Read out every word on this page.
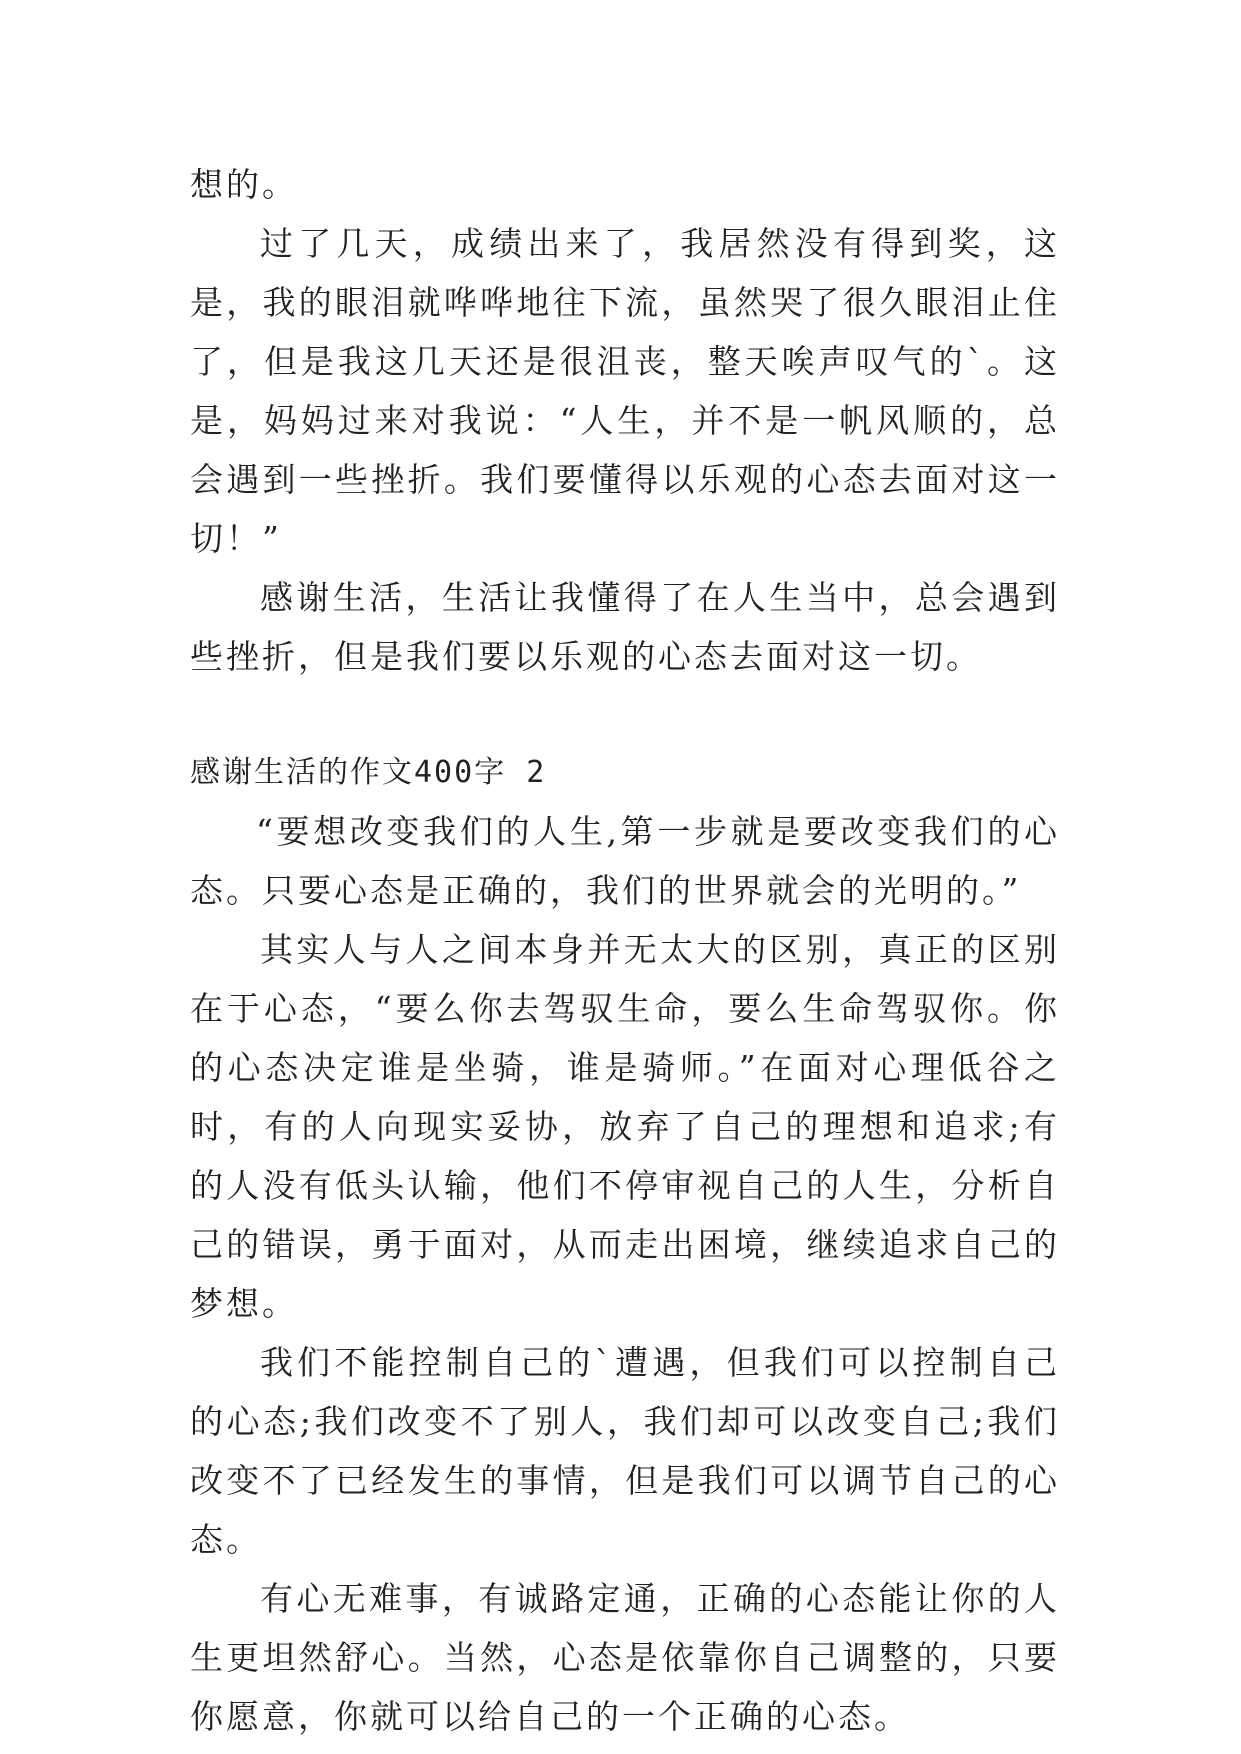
想的。

过了几天，成绩出来了，我居然没有得到奖，这是，我的眼泪就哗哗地往下流，虽然哭了很久眼泪止住了，但是我这几天还是很沮丧，整天唉声叹气的`。这是，妈妈过来对我说：“人生，并不是一帆风顺的，总会遇到一些挫折。我们要懂得以乐观的心态去面对这一切！”

感谢生活，生活让我懂得了在人生当中，总会遇到些挫折，但是我们要以乐观的心态去面对这一切。

感谢生活的作文400字 2

“要想改变我们的人生,第一步就是要改变我们的心态。只要心态是正确的，我们的世界就会的光明的。”

其实人与人之间本身并无太大的区别，真正的区别在于心态，“要么你去驾驭生命，要么生命驾驭你。你的心态决定谁是坐骑，谁是骑师。”在面对心理低谷之时，有的人向现实妥协，放弃了自己的理想和追求;有的人没有低头认输，他们不停审视自己的人生，分析自己的错误，勇于面对，从而走出困境，继续追求自己的梦想。

我们不能控制自己的`遭遇，但我们可以控制自己的心态;我们改变不了别人，我们却可以改变自己;我们改变不了已经发生的事情，但是我们可以调节自己的心态。

有心无难事，有诚路定通，正确的心态能让你的人生更坦然舒心。当然，心态是依靠你自己调整的，只要你愿意，你就可以给自己的一个正确的心态。
